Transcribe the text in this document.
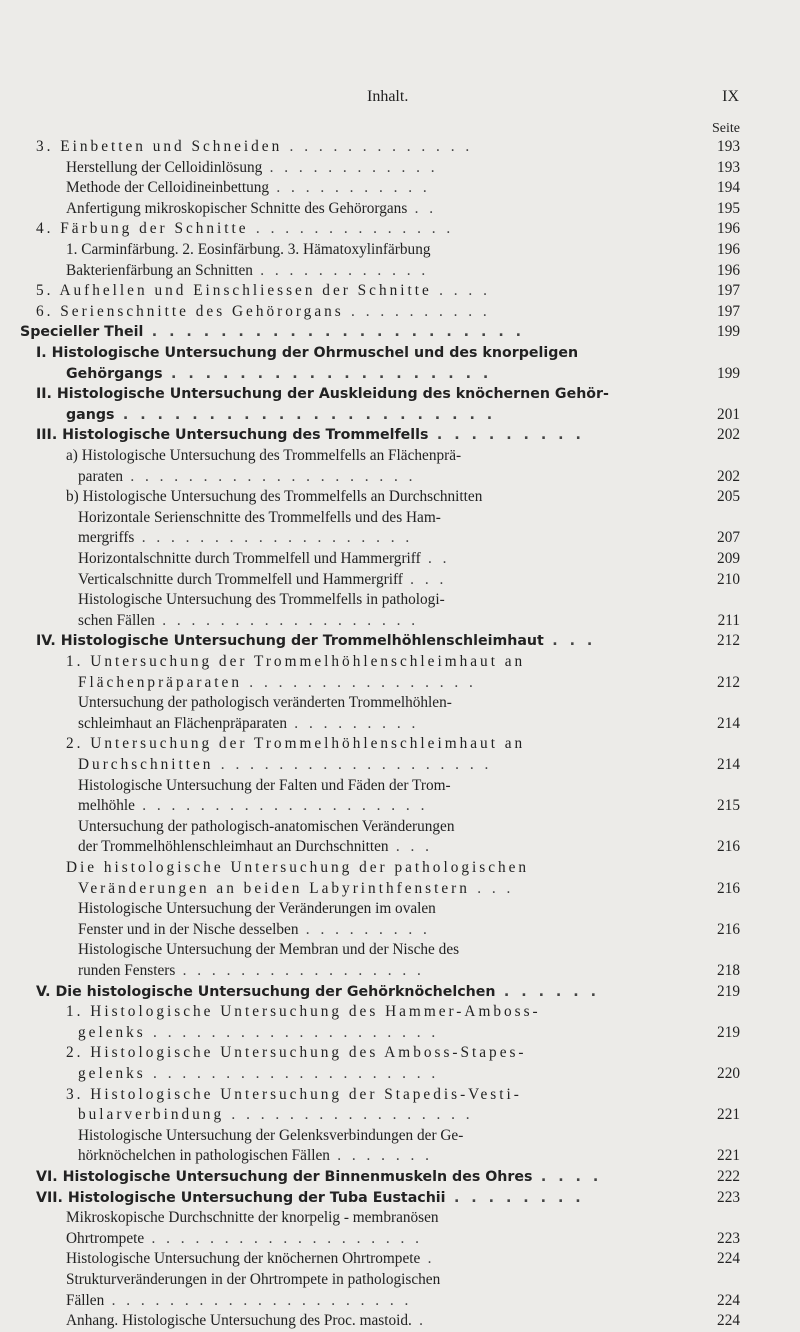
Inhalt.	IX
Seite
3. Einbetten und Schneiden . . . . . . . . . . . . .	193
Herstellung der Celloidinlösung . . . . . . . . . . . .	193
Methode der Celloidineinbettung . . . . . . . . . . .	194
Anfertigung mikroskopischer Schnitte des Gehörorgans . .	195
4. Färbung der Schnitte . . . . . . . . . . . . . .	196
1. Carminfärbung. 2. Eosinfärbung. 3. Hämatoxylinfärbung	196
Bakterienfärbung an Schnitten . . . . . . . . . . . .	196
5. Aufhellen und Einschliessen der Schnitte . . . .	197
6. Serienschnitte des Gehörorgans . . . . . . . . . .	197
Specieller Theil . . . . . . . . . . . . . . . . . . . . . .	199
I. Histologische Untersuchung der Ohrmuschel und des knorpeligen
Gehörgangs . . . . . . . . . . . . . . . . . . .	199
II. Histologische Untersuchung der Auskleidung des knöchernen Gehör-
gangs . . . . . . . . . . . . . . . . . . . . . .	201
III. Histologische Untersuchung des Trommelfells . . . . . . . . .	202
a) Histologische Untersuchung des Trommelfells an Flächenprä-
paraten . . . . . . . . . . . . . . . . . . . .	202
b) Histologische Untersuchung des Trommelfells an Durchschnitten	205
Horizontale Serienschnitte des Trommelfells und des Ham-
mergriffs . . . . . . . . . . . . . . . . . . .	207
Horizontalschnitte durch Trommelfell und Hammergriff . .	209
Verticalschnitte durch Trommelfell und Hammergriff . . .	210
Histologische Untersuchung des Trommelfells in pathologi-
schen Fällen . . . . . . . . . . . . . . . . . .	211
IV. Histologische Untersuchung der Trommelhöhlenschleimhaut . . .	212
1. Untersuchung der Trommelhöhlenschleimhaut an
Flächenpräparaten . . . . . . . . . . . . . . . .	212
Untersuchung der pathologisch veränderten Trommelhöhlen-
schleimhaut an Flächenpräparaten . . . . . . . . .	214
2. Untersuchung der Trommelhöhlenschleimhaut an
Durchschnitten . . . . . . . . . . . . . . . . . . .	214
Histologische Untersuchung der Falten und Fäden der Trom-
melhöhle . . . . . . . . . . . . . . . . . . . .	215
Untersuchung der pathologisch-anatomischen Veränderungen
der Trommelhöhlenschleimhaut an Durchschnitten . . .	216
Die histologische Untersuchung der pathologischen
Veränderungen an beiden Labyrinthfenstern . . .	216
Histologische Untersuchung der Veränderungen im ovalen
Fenster und in der Nische desselben . . . . . . . . .	216
Histologische Untersuchung der Membran und der Nische des
runden Fensters . . . . . . . . . . . . . . . . .	218
V. Die histologische Untersuchung der Gehörknöchelchen . . . . . .	219
1. Histologische Untersuchung des Hammer-Amboss-
gelenks . . . . . . . . . . . . . . . . . . . .	219
2. Histologische Untersuchung des Amboss-Stapes-
gelenks . . . . . . . . . . . . . . . . . . . .	220
3. Histologische Untersuchung der Stapedis-Vesti-
bularverbindung . . . . . . . . . . . . . . . . .	221
Histologische Untersuchung der Gelenksverbindungen der Ge-
hörknöchelchen in pathologischen Fällen . . . . . . .	221
VI. Histologische Untersuchung der Binnenmuskeln des Ohres . . . .	222
VII. Histologische Untersuchung der Tuba Eustachii . . . . . . . .	223
Mikroskopische Durchschnitte der knorpelig - membranösen
Ohrtrompete . . . . . . . . . . . . . . . . . . .	223
Histologische Untersuchung der knöchernen Ohrtrompete .	224
Strukturveränderungen in der Ohrtrompete in pathologischen
Fällen . . . . . . . . . . . . . . . . . . . . .	224
Anhang. Histologische Untersuchung des Proc. mastoid. .	224
